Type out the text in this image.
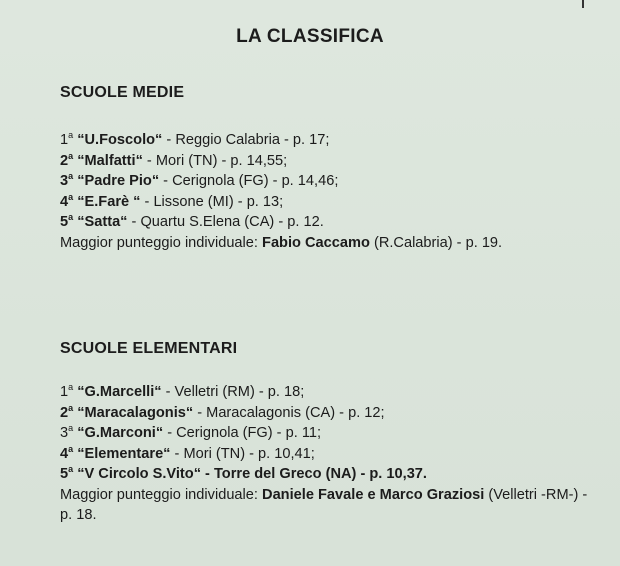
LA CLASSIFICA
SCUOLE MEDIE
1$^a$ “U.Foscolo“ - Reggio Calabria - p. 17;
2$^a$ “Malfatti“ - Mori (TN) - p. 14,55;
3$^a$ “Padre Pio“ - Cerignola (FG) - p. 14,46;
4$^a$ “E.Farè “ - Lissone (MI) - p. 13;
5$^a$ “Satta“ - Quartu S.Elena (CA) - p. 12.
Maggior punteggio individuale: Fabio Caccamo (R.Calabria) - p. 19.
SCUOLE ELEMENTARI
1$^a$ “G.Marcelli“ - Velletri (RM) - p. 18;
2$^a$ “Maracalagonis“ - Maracalagonis (CA) - p. 12;
3$^a$ “G.Marconi“ - Cerignola (FG) - p. 11;
4$^a$ “Elementare“ - Mori (TN) - p. 10,41;
5$^a$ “V Circolo S.Vito“ - Torre del Greco (NA) - p. 10,37.
Maggior punteggio individuale: Daniele Favale e Marco Graziosi (Velletri -RM-) - p. 18.
